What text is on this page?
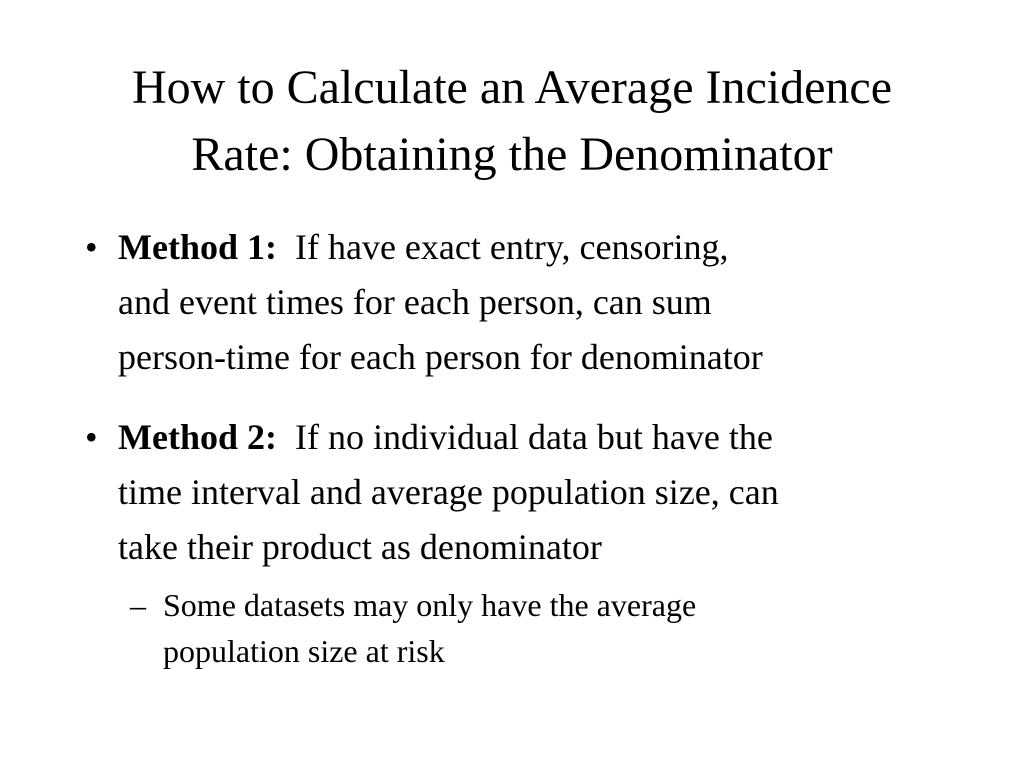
How to Calculate an Average Incidence
Rate: Obtaining the Denominator
• Method 1: If have exact entry, censoring,
and event times for each person, can sum
person-time for each person for denominator
• Method 2: If no individual data but have the
time interval and average population size, can
take their product as denominator
– Some datasets may only have the average
population size at risk
